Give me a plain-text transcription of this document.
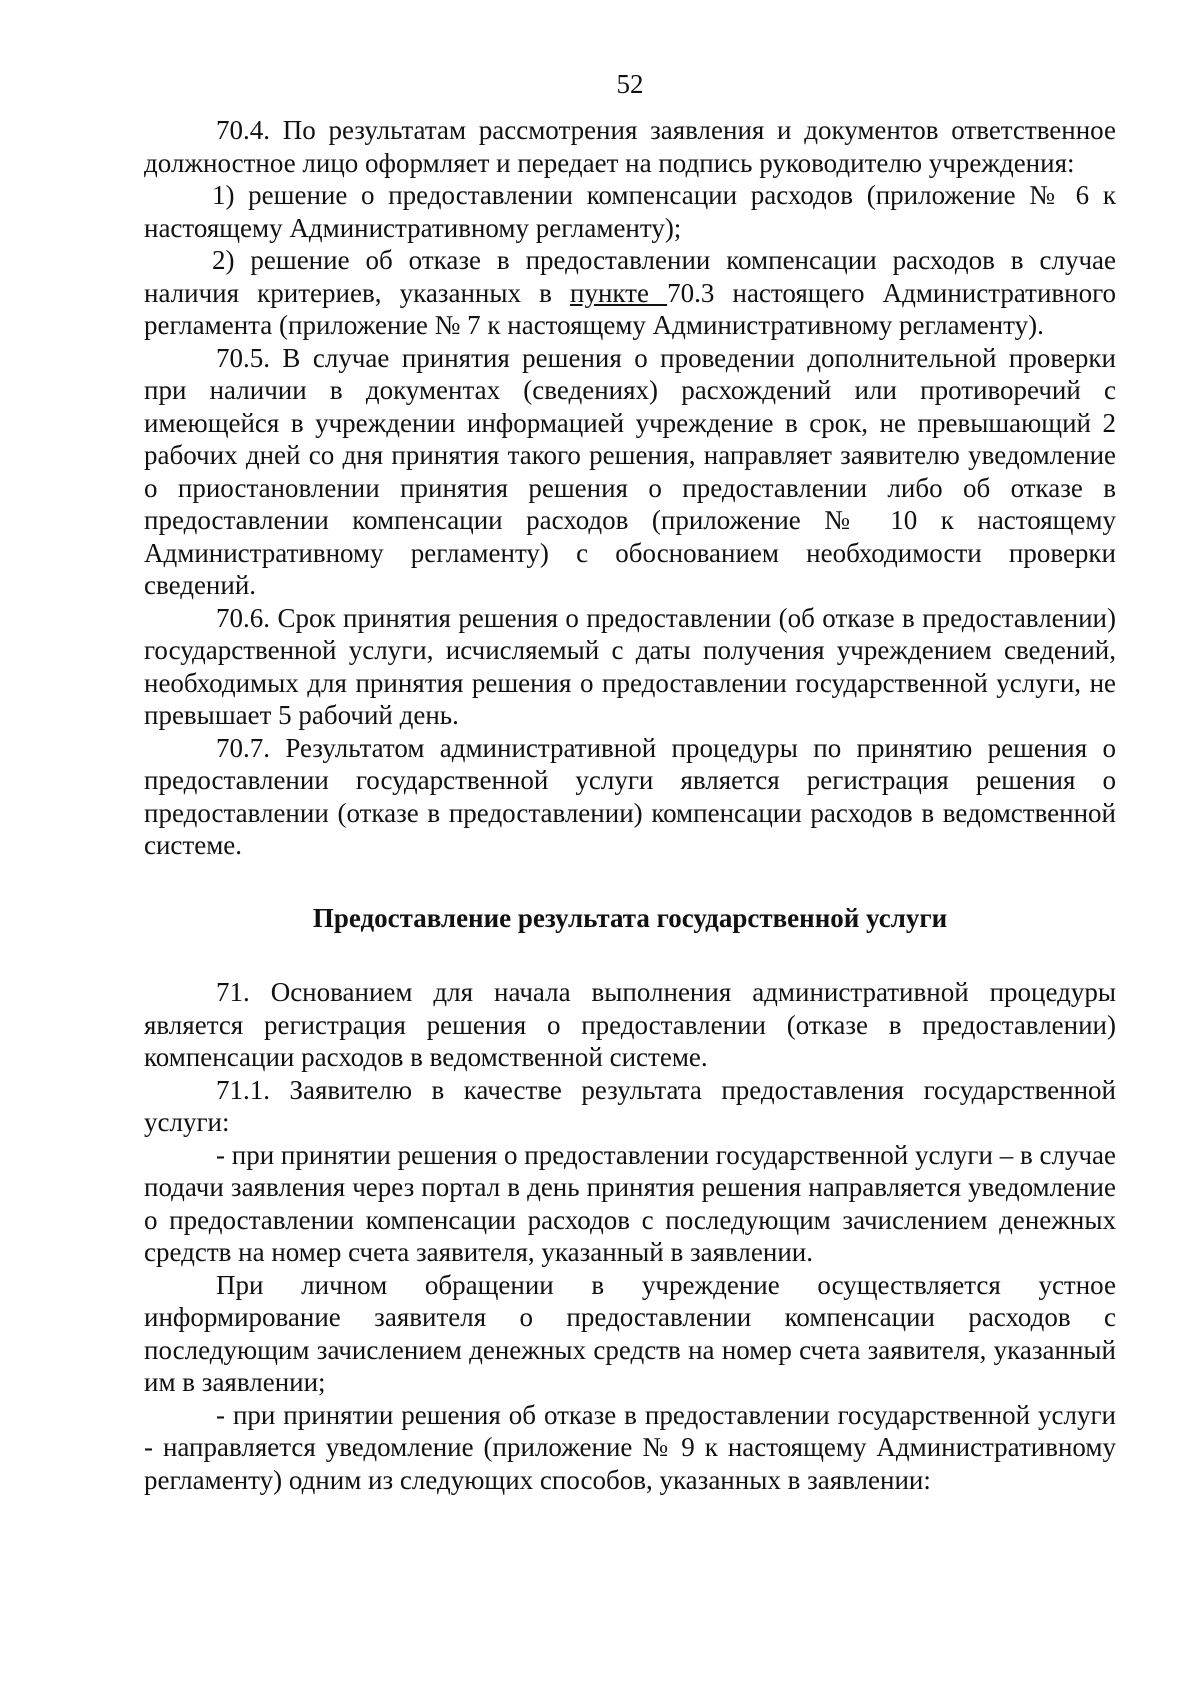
52

70.4. По результатам рассмотрения заявления и документов ответственное должностное лицо оформляет и передает на подпись руководителю учреждения:

1) решение о предоставлении компенсации расходов (приложение № 6 к настоящему Административному регламенту);

2) решение об отказе в предоставлении компенсации расходов в случае наличия критериев, указанных в пункте 70.3 настоящего Административного регламента (приложение № 7 к настоящему Административному регламенту).

70.5. В случае принятия решения о проведении дополнительной проверки при наличии в документах (сведениях) расхождений или противоречий с имеющейся в учреждении информацией учреждение в срок, не превышающий 2 рабочих дней со дня принятия такого решения, направляет заявителю уведомление о приостановлении принятия решения о предоставлении либо об отказе в предоставлении компенсации расходов (приложение № 10 к настоящему Административному регламенту) с обоснованием необходимости проверки сведений.

70.6. Срок принятия решения о предоставлении (об отказе в предоставлении) государственной услуги, исчисляемый с даты получения учреждением сведений, необходимых для принятия решения о предоставлении государственной услуги, не превышает 5 рабочий день.

70.7. Результатом административной процедуры по принятию решения о предоставлении государственной услуги является регистрация решения о предоставлении (отказе в предоставлении) компенсации расходов в ведомственной системе.

Предоставление результата государственной услуги

71. Основанием для начала выполнения административной процедуры является регистрация решения о предоставлении (отказе в предоставлении) компенсации расходов в ведомственной системе.

71.1. Заявителю в качестве результата предоставления государственной услуги:

- при принятии решения о предоставлении государственной услуги – в случае подачи заявления через портал в день принятия решения направляется уведомление о предоставлении компенсации расходов с последующим зачислением денежных средств на номер счета заявителя, указанный в заявлении.

При личном обращении в учреждение осуществляется устное информирование заявителя о предоставлении компенсации расходов с последующим зачислением денежных средств на номер счета заявителя, указанный им в заявлении;

- при принятии решения об отказе в предоставлении государственной услуги - направляется уведомление (приложение № 9 к настоящему Административному регламенту) одним из следующих способов, указанных в заявлении:
